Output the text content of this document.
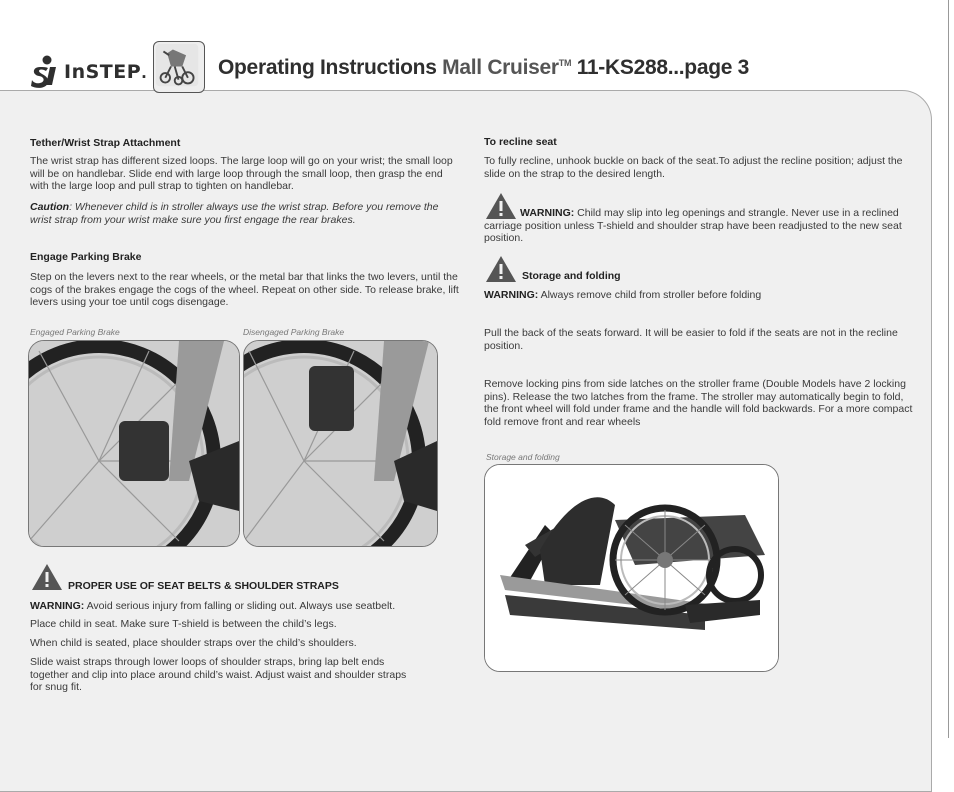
InSTEP.	Operating Instructions Mall Cruiser™ 11-KS288...page 3
Tether/Wrist Strap Attachment
The wrist strap has different sized loops. The large loop will go on your wrist; the small loop will be on handlebar. Slide end with large loop through the small loop, then grasp the end with the large loop and pull strap to tighten on handlebar.
Caution: Whenever child is in stroller always use the wrist strap. Before you remove the wrist strap from your wrist make sure you first engage the rear brakes.
Engage Parking Brake
Step on the levers next to the rear wheels, or the metal bar that links the two levers, until the cogs of the brakes engage the cogs of the wheel. Repeat on other side. To release brake, lift levers using your toe until cogs disengage.
Engaged Parking Brake	Disengaged Parking Brake
PROPER USE OF SEAT BELTS & SHOULDER STRAPS
WARNING: Avoid serious injury from falling or sliding out. Always use seatbelt.
Place child in seat. Make sure T-shield is between the child’s legs.
When child is seated, place shoulder straps over the child’s shoulders.
Slide waist straps through lower loops of shoulder straps, bring lap belt ends together and clip into place around child’s waist. Adjust waist and shoulder straps for snug fit.
To recline seat
To fully recline, unhook buckle on back of the seat.To adjust the recline position; adjust the slide on the strap to the desired length.
WARNING: Child may slip into leg openings and strangle. Never use in a reclined carriage position unless T-shield and shoulder strap have been readjusted to the new seat position.
Storage and folding
WARNING: Always remove child from stroller before folding
Pull the back of the seats forward. It will be easier to fold if the seats are not in the recline position.
Remove locking pins from side latches on the stroller frame (Double Models have 2 locking pins). Release the two latches from the frame. The stroller may automatically begin to fold, the front wheel will fold under frame and the handle will fold backwards. For a more compact fold remove front and rear wheels
Storage and folding
